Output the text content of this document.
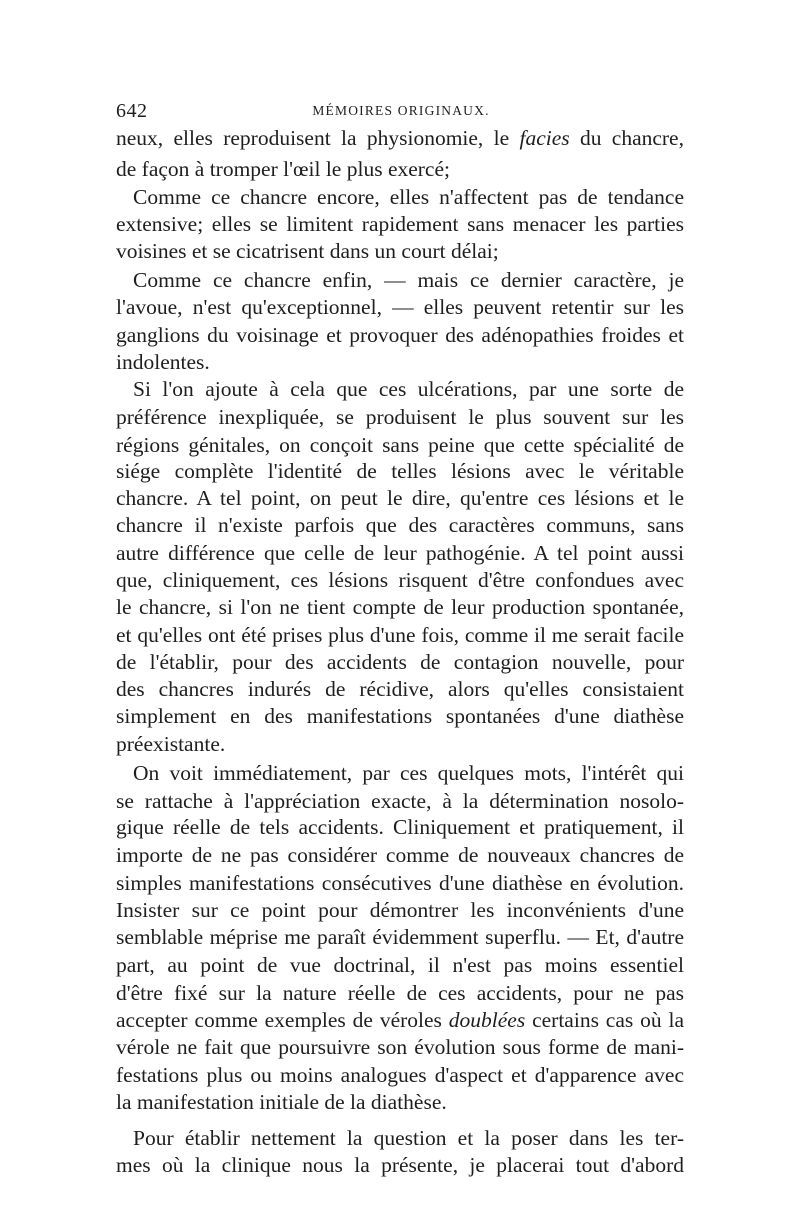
642	MÉMOIRES ORIGINAUX.
neux, elles reproduisent la physionomie, le facies du chancre,
de façon à tromper l'œil le plus exercé;
Comme ce chancre encore, elles n'affectent pas de tendance
extensive; elles se limitent rapidement sans menacer les parties
voisines et se cicatrisent dans un court délai;
Comme ce chancre enfin, — mais ce dernier caractère, je
l'avoue, n'est qu'exceptionnel, — elles peuvent retentir sur les
ganglions du voisinage et provoquer des adénopathies froides et
indolentes.
Si l'on ajoute à cela que ces ulcérations, par une sorte de
préférence inexpliquée, se produisent le plus souvent sur les
régions génitales, on conçoit sans peine que cette spécialité de
siége complète l'identité de telles lésions avec le véritable
chancre. A tel point, on peut le dire, qu'entre ces lésions et le
chancre il n'existe parfois que des caractères communs, sans
autre différence que celle de leur pathogénie. A tel point aussi
que, cliniquement, ces lésions risquent d'être confondues avec
le chancre, si l'on ne tient compte de leur production spontanée,
et qu'elles ont été prises plus d'une fois, comme il me serait facile
de l'établir, pour des accidents de contagion nouvelle, pour
des chancres indurés de récidive, alors qu'elles consistaient
simplement en des manifestations spontanées d'une diathèse
préexistante.
On voit immédiatement, par ces quelques mots, l'intérêt qui
se rattache à l'appréciation exacte, à la détermination nosolo-
gique réelle de tels accidents. Cliniquement et pratiquement, il
importe de ne pas considérer comme de nouveaux chancres de
simples manifestations consécutives d'une diathèse en évolution.
Insister sur ce point pour démontrer les inconvénients d'une
semblable méprise me paraît évidemment superflu. — Et, d'autre
part, au point de vue doctrinal, il n'est pas moins essentiel
d'être fixé sur la nature réelle de ces accidents, pour ne pas
accepter comme exemples de véroles doublées certains cas où la
vérole ne fait que poursuivre son évolution sous forme de mani-
festations plus ou moins analogues d'aspect et d'apparence avec
la manifestation initiale de la diathèse.
Pour établir nettement la question et la poser dans les ter-
mes où la clinique nous la présente, je placerai tout d'abord
